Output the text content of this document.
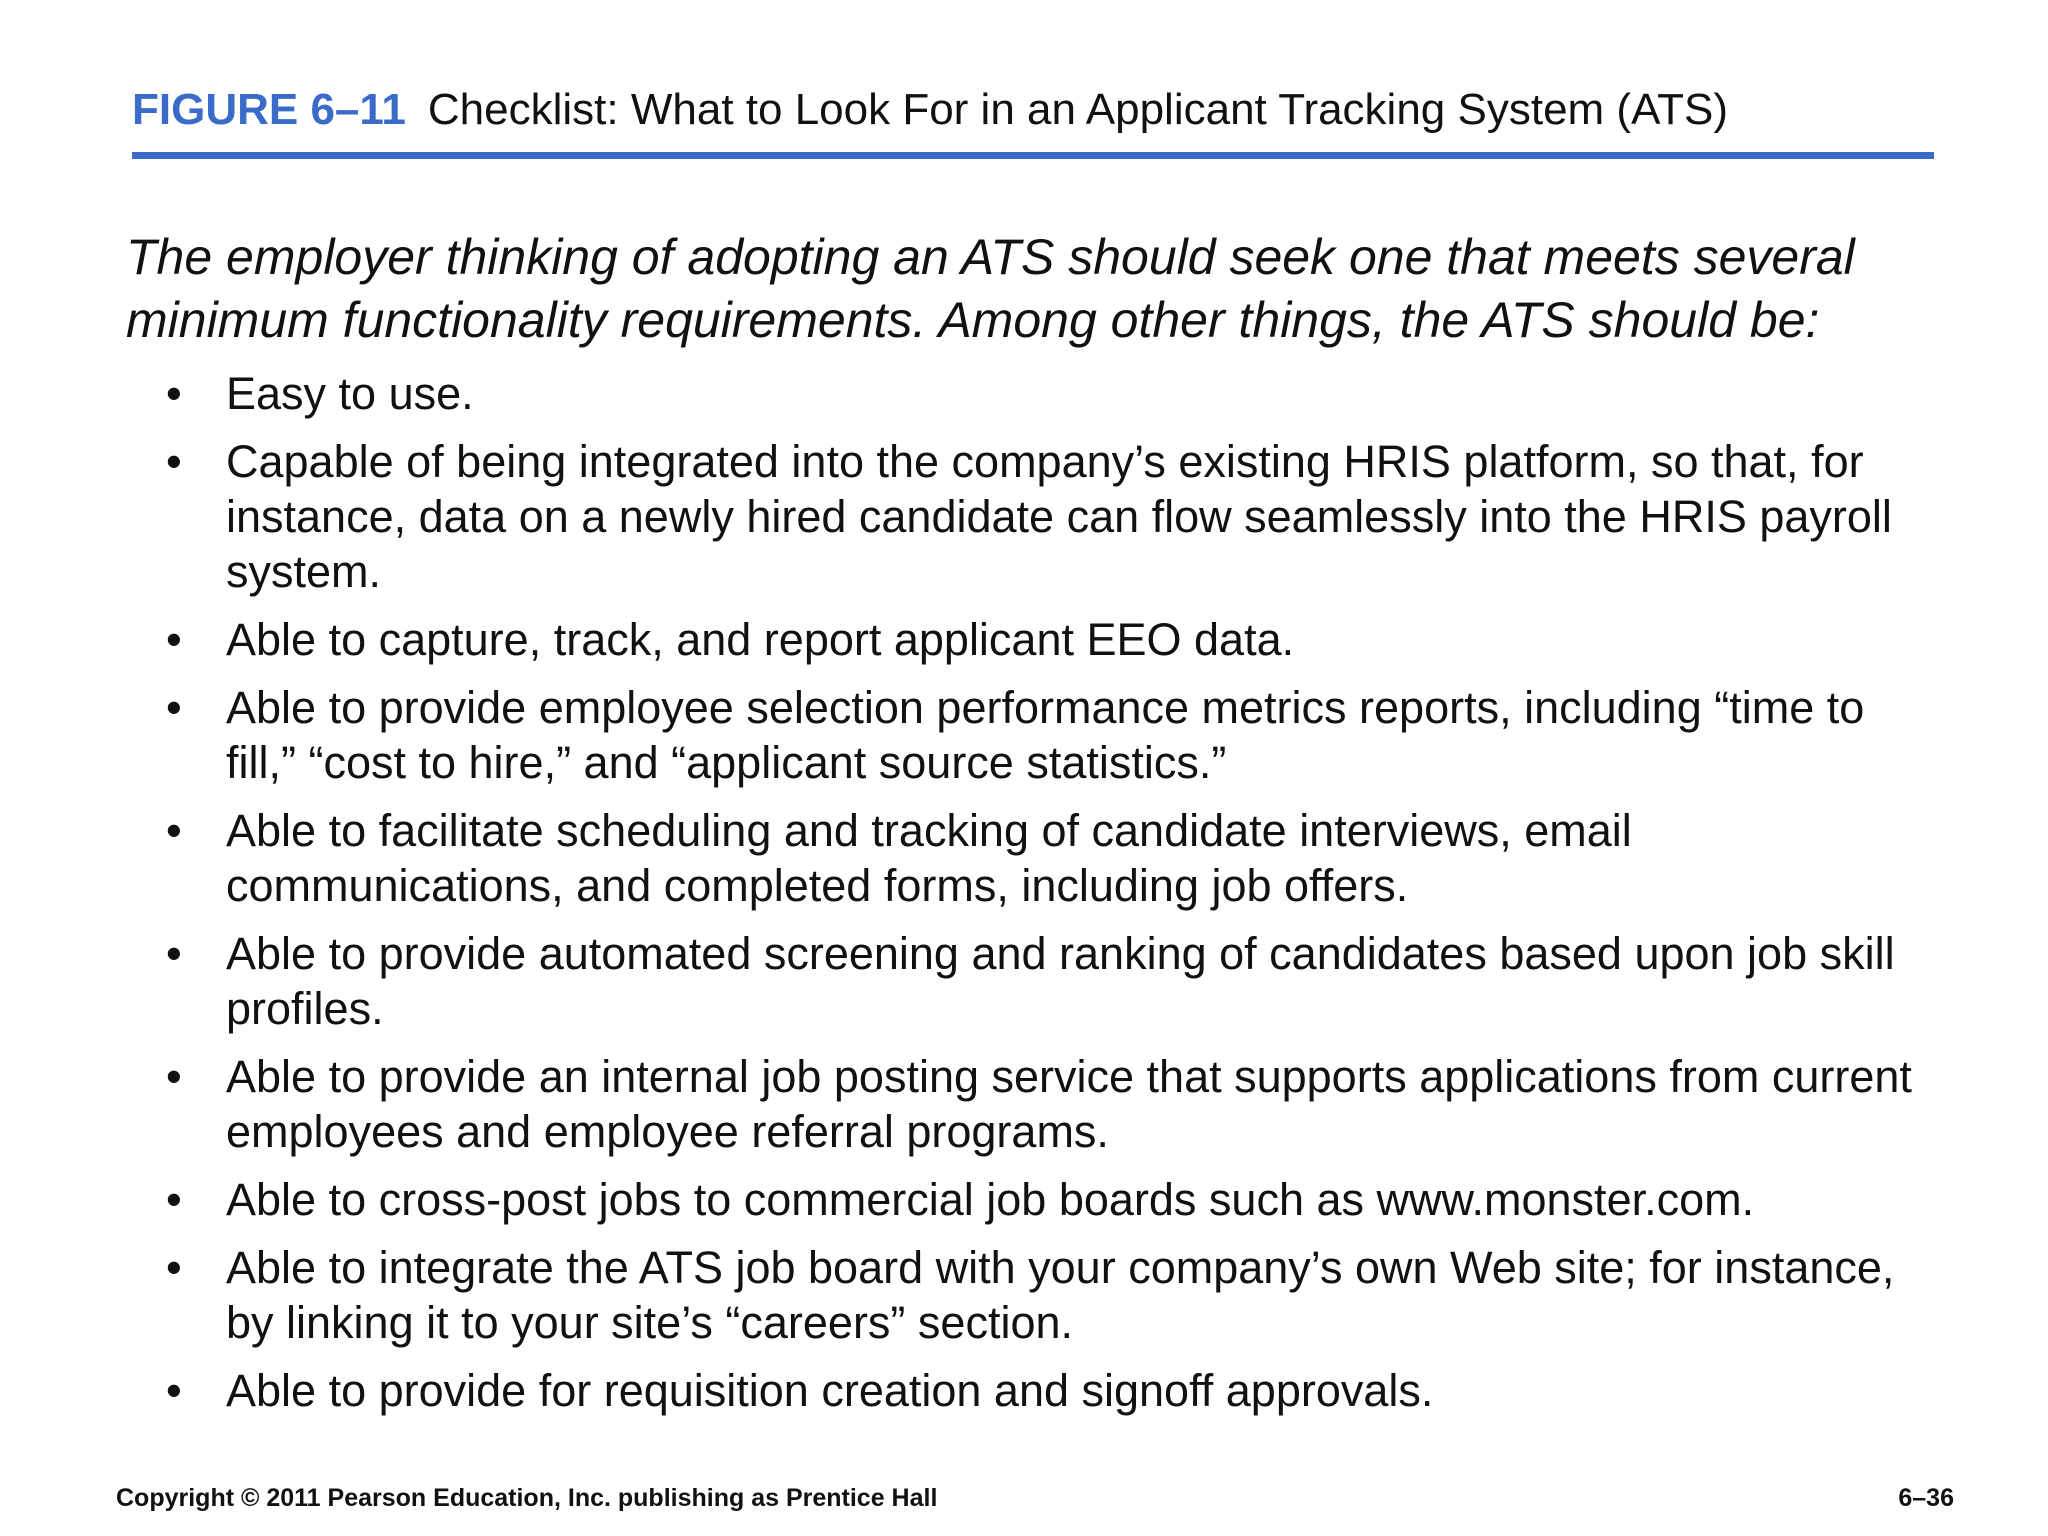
FIGURE 6–11 Checklist: What to Look For in an Applicant Tracking System (ATS)
The employer thinking of adopting an ATS should seek one that meets several minimum functionality requirements. Among other things, the ATS should be:
• Easy to use.
• Capable of being integrated into the company’s existing HRIS platform, so that, for instance, data on a newly hired candidate can flow seamlessly into the HRIS payroll system.
• Able to capture, track, and report applicant EEO data.
• Able to provide employee selection performance metrics reports, including “time to fill,” “cost to hire,” and “applicant source statistics.”
• Able to facilitate scheduling and tracking of candidate interviews, email communications, and completed forms, including job offers.
• Able to provide automated screening and ranking of candidates based upon job skill profiles.
• Able to provide an internal job posting service that supports applications from current employees and employee referral programs.
• Able to cross-post jobs to commercial job boards such as www.monster.com.
• Able to integrate the ATS job board with your company’s own Web site; for instance, by linking it to your site’s “careers” section.
• Able to provide for requisition creation and signoff approvals.
Copyright © 2011 Pearson Education, Inc. publishing as Prentice Hall	6–36
